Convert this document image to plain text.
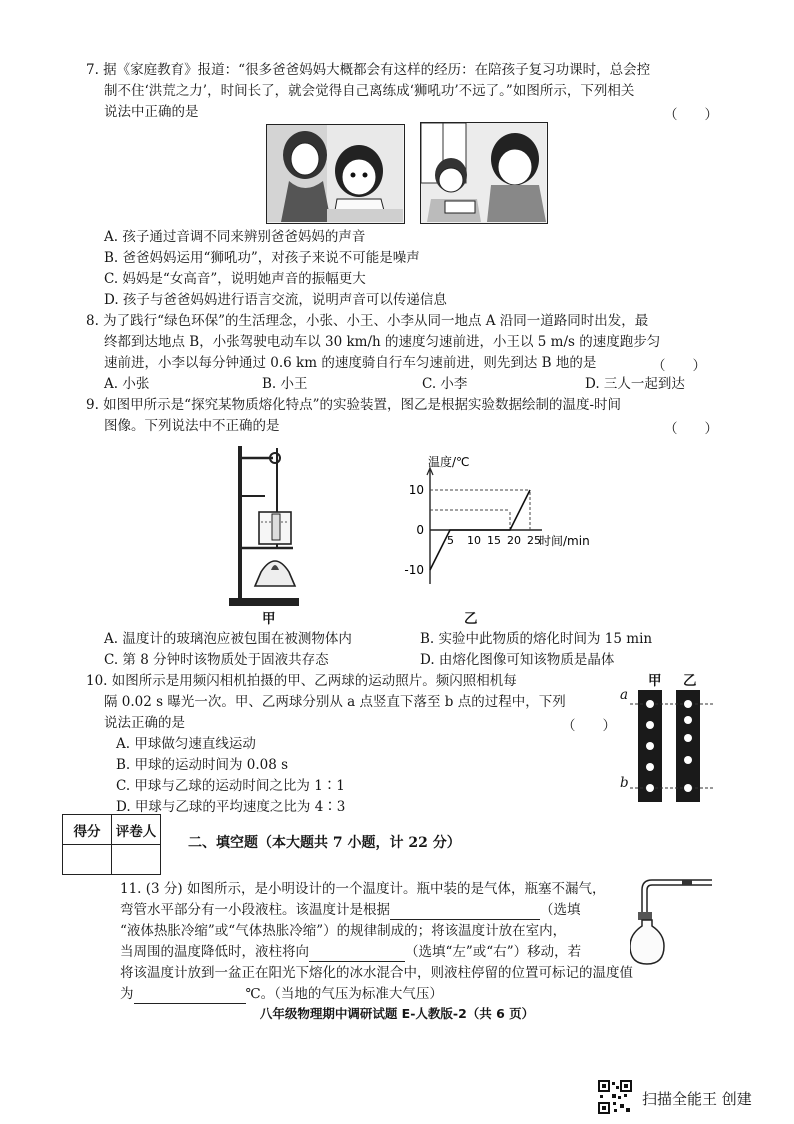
7. 据《家庭教育》报道：“很多爸爸妈妈大概都会有这样的经历：在陪孩子复习功课时，总会控
制不住‘洪荒之力’，时间长了，就会觉得自己离练成‘狮吼功’不远了。”如图所示，下列相关
说法中正确的是	（　　）
A. 孩子通过音调不同来辨别爸爸妈妈的声音
B. 爸爸妈妈运用“狮吼功”，对孩子来说不可能是噪声
C. 妈妈是“女高音”，说明她声音的振幅更大
D. 孩子与爸爸妈妈进行语言交流，说明声音可以传递信息
8. 为了践行“绿色环保”的生活理念，小张、小王、小李从同一地点 A 沿同一道路同时出发，最
终都到达地点 B，小张驾驶电动车以 30 km/h 的速度匀速前进，小王以 5 m/s 的速度跑步匀
速前进，小李以每分钟通过 0.6 km 的速度骑自行车匀速前进，则先到达 B 地的是	（　　）
A. 小张	B. 小王	C. 小李	D. 三人一起到达
9. 如图甲所示是“探究某物质熔化特点”的实验装置，图乙是根据实验数据绘制的温度-时间
图像。下列说法中不正确的是	（　　）
甲
温度/℃
时间/min
5 10 15 20 25
10
0
-10
乙
A. 温度计的玻璃泡应被包围在被测物体内	B. 实验中此物质的熔化时间为 15 min
C. 第 8 分钟时该物质处于固液共存态	D. 由熔化图像可知该物质是晶体
10. 如图所示是用频闪相机拍摄的甲、乙两球的运动照片。频闪照相机每
隔 0.02 s 曝光一次。甲、乙两球分别从 a 点竖直下落至 b 点的过程中，下列
说法正确的是	（　　）
A. 甲球做匀速直线运动
B. 甲球的运动时间为 0.08 s
C. 甲球与乙球的运动时间之比为 1∶1
D. 甲球与乙球的平均速度之比为 4∶3
甲 乙
a
b
得分	评卷人

二、填空题（本大题共 7 小题，计 22 分）
11. (3 分) 如图所示，是小明设计的一个温度计。瓶中装的是气体，瓶塞不漏气，
弯管水平部分有一小段液柱。该温度计是根据	（选填
“液体热胀冷缩”或“气体热胀冷缩”）的规律制成的；将该温度计放在室内，
当周围的温度降低时，液柱将向	（选填“左”或“右”）移动，若
将该温度计放到一盆正在阳光下熔化的冰水混合中，则液柱停留的位置可标记的温度值
为	℃。（当地的气压为标准大气压）
八年级物理期中调研试题 E-人教版-2（共 6 页）
扫描全能王 创建
